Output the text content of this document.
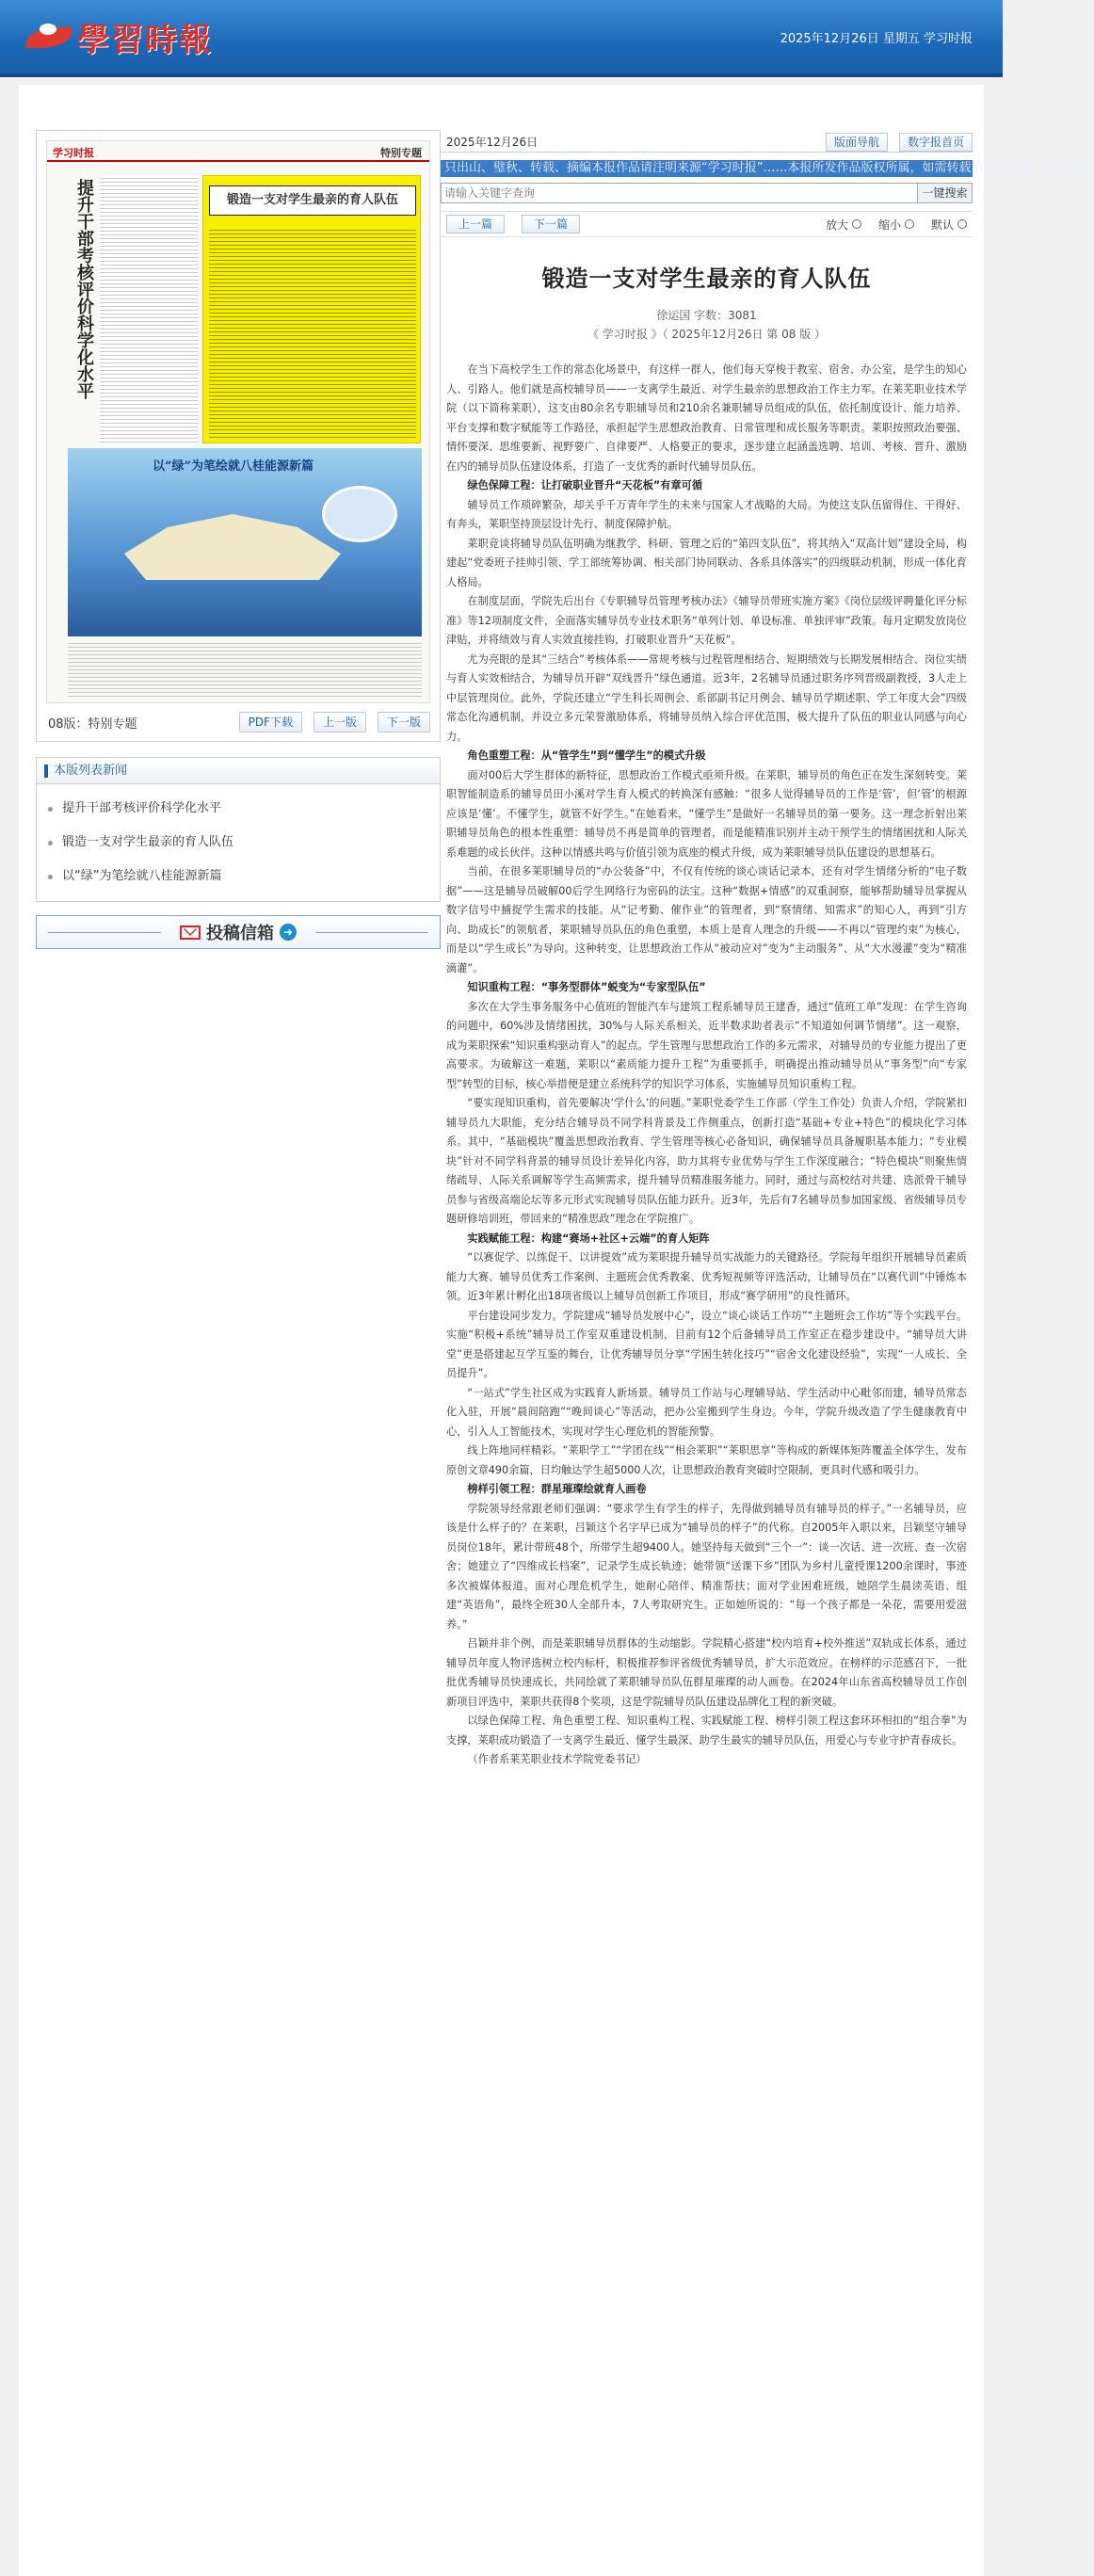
學習時報	2025年12月26日 星期五 学习时报
学习时报	特别专题
提升干部考核评价科学化水平	锻造一支对学生最亲的育人队伍
以“绿”为笔绘就八桂能源新篇
08版：特别专题	PDF下载	上一版	下一版
本版列表新闻
提升干部考核评价科学化水平
锻造一支对学生最亲的育人队伍
以“绿”为笔绘就八桂能源新篇
投稿信箱 ➜
2025年12月26日	版面导航	数字报首页
只出山、璧秋、转载、摘编本报作品请注明来源“学习时报”……本报所发作品版权所属，如需转载请注明来源“学习时报”
请输入关键字查询
一键搜索
上一篇	下一篇	放大	缩小	默认
锻造一支对学生最亲的育人队伍
徐运国 字数：3081
《 学习时报 》（ 2025年12月26日 第 08 版 ）

在当下高校学生工作的常态化场景中，有这样一群人，他们每天穿梭于教室、宿舍、办公室，是学生的知心人、引路人。他们就是高校辅导员——一支离学生最近、对学生最亲的思想政治工作主力军。在莱芜职业技术学院（以下简称莱职），这支由80余名专职辅导员和210余名兼职辅导员组成的队伍，依托制度设计、能力培养、平台支撑和数字赋能等工作路径，承担起学生思想政治教育、日常管理和成长服务等职责。莱职按照政治要强、情怀要深、思维要新、视野要广、自律要严、人格要正的要求，逐步建立起涵盖选聘、培训、考核、晋升、激励在内的辅导员队伍建设体系，打造了一支优秀的新时代辅导员队伍。

绿色保障工程：让打破职业晋升“天花板”有章可循

辅导员工作琐碎繁杂，却关乎千万青年学生的未来与国家人才战略的大局。为使这支队伍留得住、干得好、有奔头，莱职坚持顶层设计先行、制度保障护航。

莱职竞谈将辅导员队伍明确为继教学、科研、管理之后的“第四支队伍”，将其纳入“双高计划”建设全局，构建起“党委班子挂帅引领、学工部统筹协调、相关部门协同联动、各系具体落实”的四级联动机制，形成一体化育人格局。

在制度层面，学院先后出台《专职辅导员管理考核办法》《辅导员带班实施方案》《岗位层级评聘量化评分标准》等12项制度文件，全面落实辅导员专业技术职务“单列计划、单设标准、单独评审”政策。每月定期发放岗位津贴，并将绩效与育人实效直接挂钩，打破职业晋升“天花板”。

尤为亮眼的是其“三结合”考核体系——常规考核与过程管理相结合、短期绩效与长期发展相结合、岗位实绩与育人实效相结合，为辅导员开辟“双线晋升”绿色通道。近3年，2名辅导员通过职务序列晋级副教授，3人走上中层管理岗位。此外，学院还建立“学生科长周例会、系部副书记月例会、辅导员学期述职、学工年度大会”四级常态化沟通机制，并设立多元荣誉激励体系，将辅导员纳入综合评优范围，极大提升了队伍的职业认同感与向心力。

角色重塑工程：从“管学生”到“懂学生”的模式升级

面对00后大学生群体的新特征，思想政治工作模式亟须升级。在莱职，辅导员的角色正在发生深刻转变。莱职智能制造系的辅导员田小溪对学生育人模式的转换深有感触：“很多人觉得辅导员的工作是‘管’，但‘管’的根源应该是‘懂’。不懂学生，就管不好学生。”在她看来，“懂学生”是做好一名辅导员的第一要务。这一理念折射出莱职辅导员角色的根本性重塑：辅导员不再是简单的管理者，而是能精准识别并主动干预学生的情绪困扰和人际关系难题的成长伙伴。这种以情感共鸣与价值引领为底座的模式升级，成为莱职辅导员队伍建设的思想基石。

当前，在很多莱职辅导员的“办公装备”中，不仅有传统的谈心谈话记录本，还有对学生情绪分析的“电子数据”——这是辅导员破解00后学生网络行为密码的法宝。这种“数据+情感”的双重洞察，能够帮助辅导员掌握从数字信号中捕捉学生需求的技能。从“记考勤、催作业”的管理者，到“察情绪、知需求”的知心人，再到“引方向、助成长”的领航者，莱职辅导员队伍的角色重塑，本质上是育人理念的升级——不再以“管理约束”为核心，而是以“学生成长”为导向。这种转变，让思想政治工作从“被动应对”变为“主动服务”、从“大水漫灌”变为“精准滴灌”。

知识重构工程：“事务型群体”蜕变为“专家型队伍”

多次在大学生事务服务中心值班的智能汽车与建筑工程系辅导员王建香，通过“值班工单”发现：在学生咨询的问题中，60%涉及情绪困扰，30%与人际关系相关，近半数求助者表示“不知道如何调节情绪”。这一观察，成为莱职探索“知识重构驱动育人”的起点。学生管理与思想政治工作的多元需求，对辅导员的专业能力提出了更高要求。为破解这一难题，莱职以“素质能力提升工程”为重要抓手，明确提出推动辅导员从“事务型”向“专家型”转型的目标，核心举措便是建立系统科学的知识学习体系，实施辅导员知识重构工程。

“要实现知识重构，首先要解决‘学什么’的问题。”莱职党委学生工作部（学生工作处）负责人介绍，学院紧扣辅导员九大职能，充分结合辅导员不同学科背景及工作侧重点，创新打造“基础+专业+特色”的模块化学习体系。其中，“基础模块”覆盖思想政治教育、学生管理等核心必备知识，确保辅导员具备履职基本能力；“专业模块”针对不同学科背景的辅导员设计差异化内容，助力其将专业优势与学生工作深度融合；“特色模块”则聚焦情绪疏导、人际关系调解等学生高频需求，提升辅导员精准服务能力。同时，通过与高校结对共建、选派骨干辅导员参与省级高端论坛等多元形式实现辅导员队伍能力跃升。近3年，先后有7名辅导员参加国家级、省级辅导员专题研修培训班，带回来的“精准思政”理念在学院推广。

实践赋能工程：构建“赛场+社区+云端”的育人矩阵

“以赛促学、以练促干、以讲提效”成为莱职提升辅导员实战能力的关键路径。学院每年组织开展辅导员素质能力大赛、辅导员优秀工作案例、主题班会优秀教案、优秀短视频等评选活动，让辅导员在“以赛代训”中锤炼本领。近3年累计孵化出18项省级以上辅导员创新工作项目，形成“赛学研用”的良性循环。

平台建设同步发力。学院建成“辅导员发展中心”，设立“谈心谈话工作坊”“主题班会工作坊”等个实践平台。实施“积极+系统”辅导员工作室双重建设机制，目前有12个后备辅导员工作室正在稳步建设中。“辅导员大讲堂”更是搭建起互学互鉴的舞台，让优秀辅导员分享“学困生转化技巧”“宿舍文化建设经验”，实现“一人成长、全员提升”。

“一站式”学生社区成为实践育人新场景。辅导员工作站与心理辅导站、学生活动中心毗邻而建，辅导员常态化入驻，开展“晨间陪跑”“晚间谈心”等活动，把办公室搬到学生身边。今年，学院升级改造了学生健康教育中心，引入人工智能技术，实现对学生心理危机的智能预警。

线上阵地同样精彩。“莱职学工”“学团在线”“相会莱职”“莱职思享”等构成的新媒体矩阵覆盖全体学生，发布原创文章490余篇，日均触达学生超5000人次，让思想政治教育突破时空限制，更具时代感和吸引力。

榜样引领工程：群星璀璨绘就育人画卷

学院领导经常跟老师们强调：“要求学生有学生的样子，先得做到辅导员有辅导员的样子。”一名辅导员，应该是什么样子的？在莱职，吕颖这个名字早已成为“辅导员的样子”的代称。自2005年入职以来，吕颖坚守辅导员岗位18年，累计带班48个，所带学生超9400人。她坚持每天做到“三个一”：谈一次话、进一次班、查一次宿舍；她建立了“四维成长档案”，记录学生成长轨迹；她带领“送课下乡”团队为乡村儿童授课1200余课时，事迹多次被媒体报道。面对心理危机学生，她耐心陪伴、精准帮扶；面对学业困难班级，她陪学生晨读英语、组建“英语角”，最终全班30人全部升本，7人考取研究生。正如她所说的：“每一个孩子都是一朵花，需要用爱滋养。”

吕颖并非个例，而是莱职辅导员群体的生动缩影。学院精心搭建“校内培育+校外推送”双轨成长体系，通过辅导员年度人物评选树立校内标杆，积极推荐参评省级优秀辅导员，扩大示范效应。在榜样的示范感召下，一批批优秀辅导员快速成长，共同绘就了莱职辅导员队伍群星璀璨的动人画卷。在2024年山东省高校辅导员工作创新项目评选中，莱职共获得8个奖项，这是学院辅导员队伍建设品牌化工程的新突破。

以绿色保障工程、角色重塑工程、知识重构工程、实践赋能工程、榜样引领工程这套环环相扣的“组合拳”为支撑，莱职成功锻造了一支离学生最近、懂学生最深、助学生最实的辅导员队伍，用爱心与专业守护青春成长。

（作者系莱芜职业技术学院党委书记）
